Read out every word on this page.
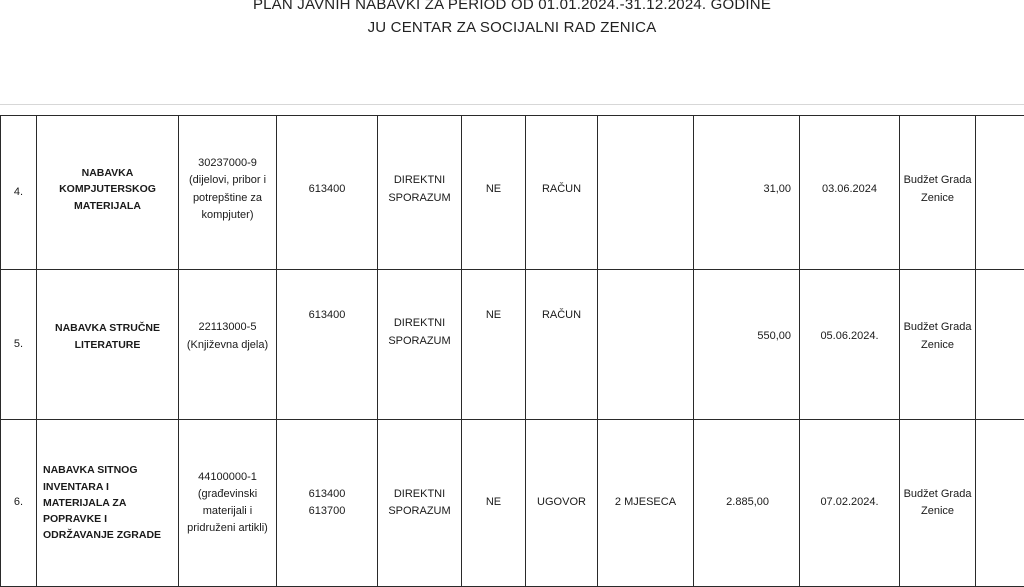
PLAN JAVNIH NABAVKI ZA PERIOD OD 01.01.2024.-31.12.2024. GODINE
JU CENTAR ZA SOCIJALNI RAD ZENICA
4.	NABAVKA KOMPJUTERSKOG MATERIJALA	30237000-9 (dijelovi, pribor i potrepštine za kompjuter)	613400	DIREKTNI SPORAZUM	NE	RAČUN		31,00	03.06.2024	Budžet Grada Zenice	

5.	NABAVKA STRUČNE LITERATURE	22113000-5 (Književna djela)	613400	DIREKTNI SPORAZUM	NE	RAČUN		550,00	05.06.2024.	Budžet Grada Zenice	

6.	NABAVKA SITNOG INVENTARA I MATERIJALA ZA POPRAVKE I ODRŽAVANJE ZGRADE	44100000-1 (građevinski materijali i pridruženi artikli)	613400 613700	DIREKTNI SPORAZUM	NE	UGOVOR	2 MJESECA	2.885,00	07.02.2024.	Budžet Grada Zenice	
